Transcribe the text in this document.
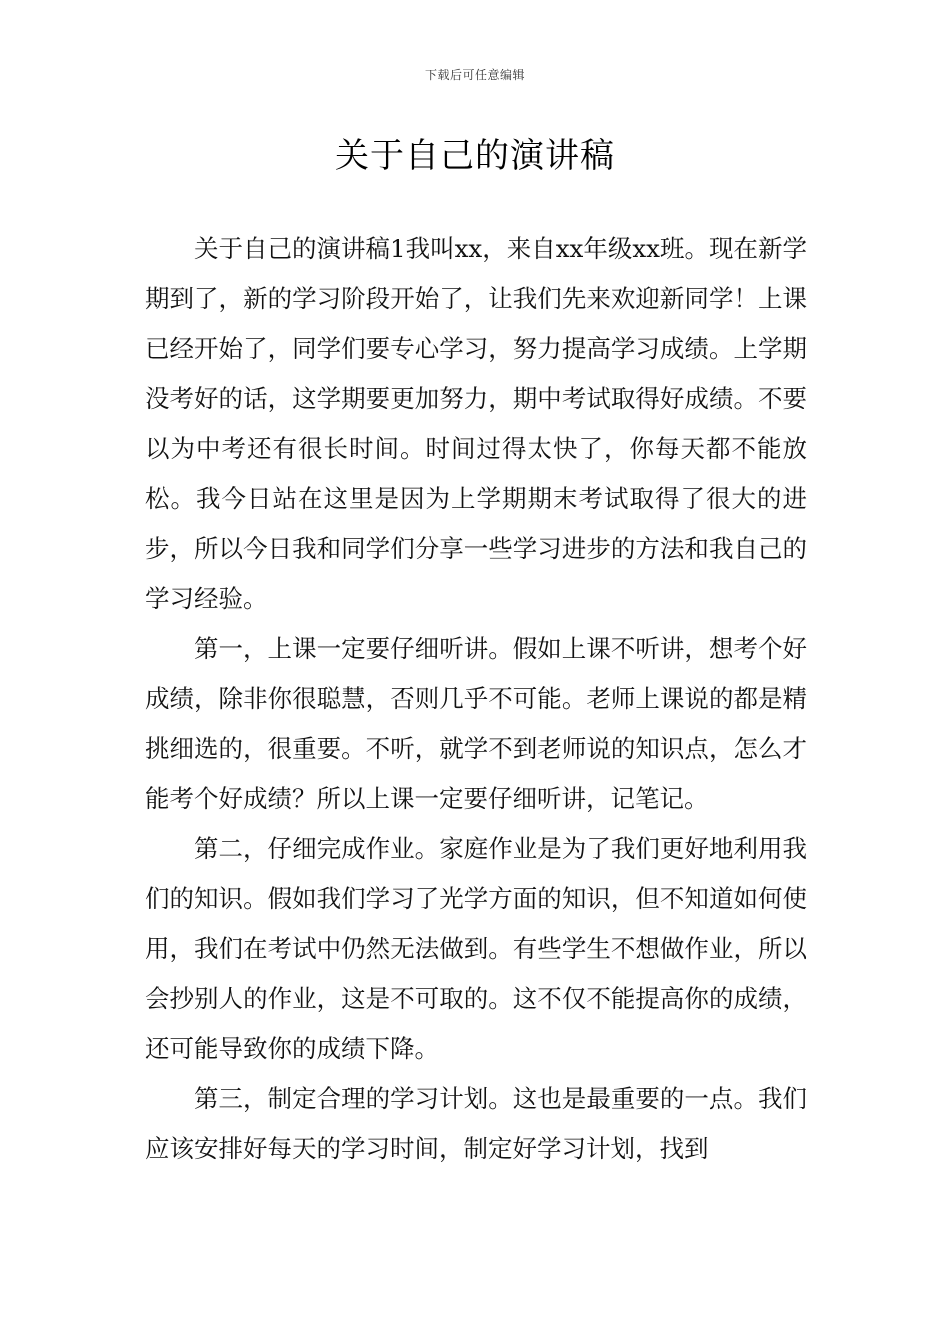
下载后可任意编辑
关于自己的演讲稿

关于自己的演讲稿1我叫xx，来自xx年级xx班。现在新学期到了，新的学习阶段开始了，让我们先来欢迎新同学！上课已经开始了，同学们要专心学习，努力提高学习成绩。上学期没考好的话，这学期要更加努力，期中考试取得好成绩。不要以为中考还有很长时间。时间过得太快了，你每天都不能放松。我今日站在这里是因为上学期期末考试取得了很大的进步，所以今日我和同学们分享一些学习进步的方法和我自己的学习经验。

第一，上课一定要仔细听讲。假如上课不听讲，想考个好成绩，除非你很聪慧，否则几乎不可能。老师上课说的都是精挑细选的，很重要。不听，就学不到老师说的知识点，怎么才能考个好成绩？所以上课一定要仔细听讲，记笔记。

第二，仔细完成作业。家庭作业是为了我们更好地利用我们的知识。假如我们学习了光学方面的知识，但不知道如何使用，我们在考试中仍然无法做到。有些学生不想做作业，所以会抄别人的作业，这是不可取的。这不仅不能提高你的成绩，还可能导致你的成绩下降。

第三，制定合理的学习计划。这也是最重要的一点。我们应该安排好每天的学习时间，制定好学习计划，找到
